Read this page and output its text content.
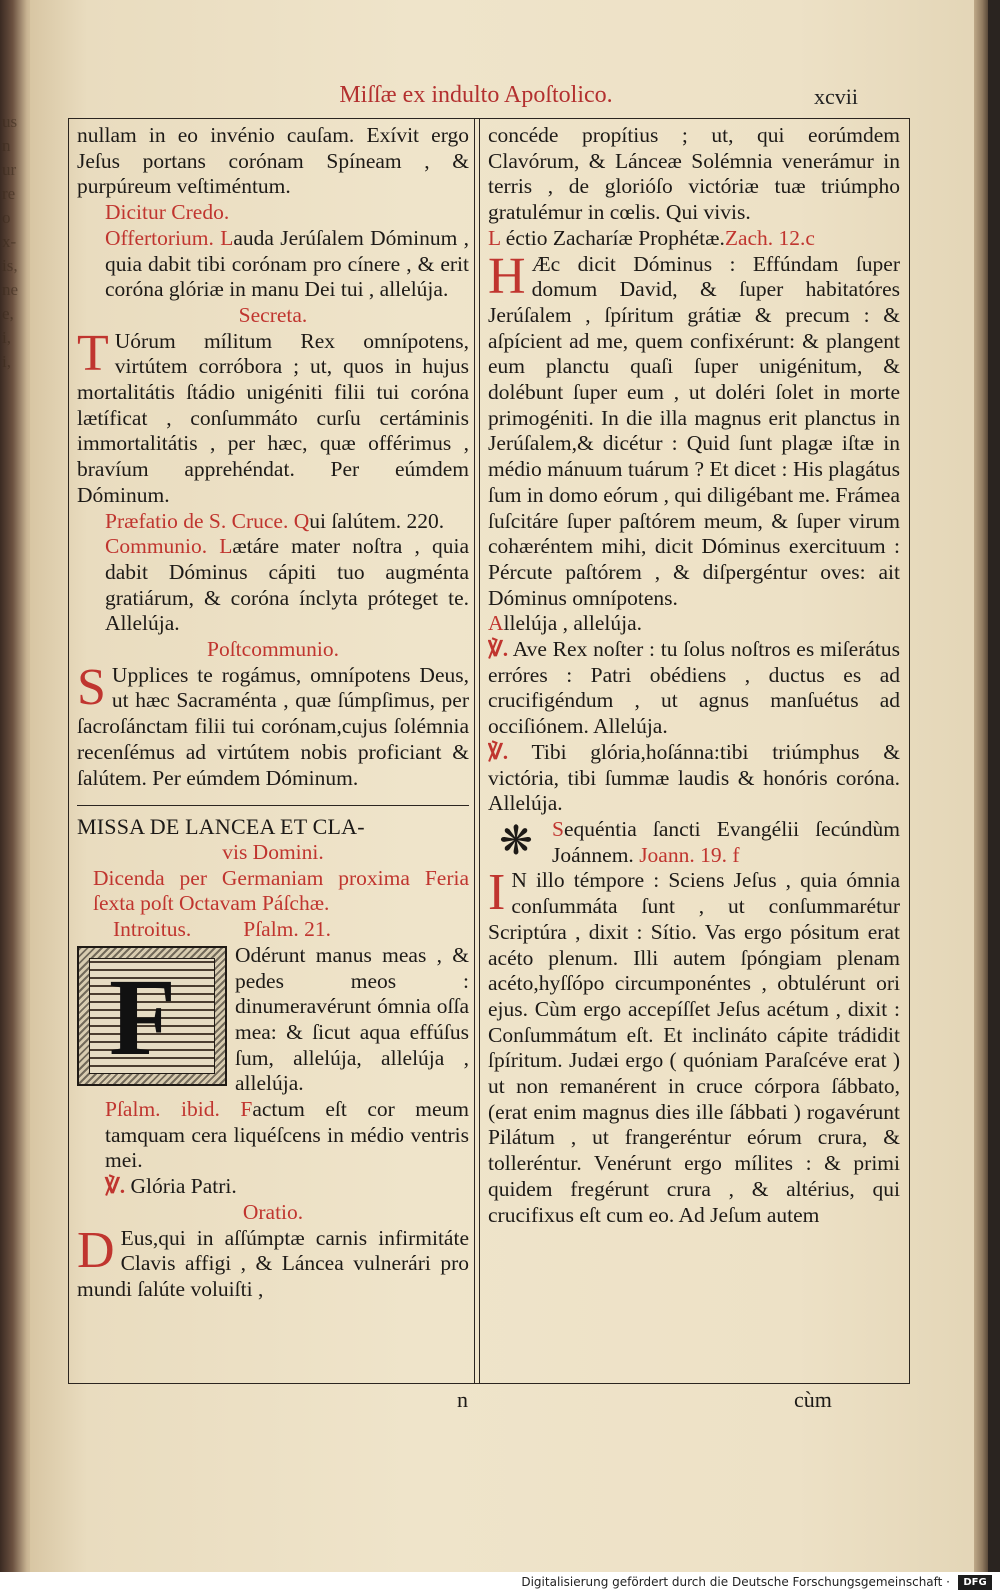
us
n
ur
re
o
x-
is,
ne
e,
i,
i,
Miſſæ ex indulto Apoſtolico.	xcvii

nullam in eo invénio cauſam. Exívit ergo Jeſus portans corónam Spíneam , & purpúreum veſtiméntum.

Dicitur Credo.

Offertorium. Lauda Jerúſalem Dóminum , quia dabit tibi corónam pro cínere , & erit coróna glóriæ in manu Dei tui , allelúja.

Secreta.

T Uórum mílitum Rex omnípotens, virtútem corróbora ; ut, quos in hujus mortalitátis ſtádio unigéniti filii tui coróna lætíficat , conſummáto curſu certáminis immortalitátis , per hæc, quæ offérimus , bravíum apprehéndat. Per eúmdem Dóminum.

Præfatio de S. Cruce. Qui ſalútem. 220.

Communio. Lætáre mater noſtra , quia dabit Dóminus cápiti tuo augménta gratiárum, & coróna ínclyta próteget te. Allelúja.

Poſtcommunio.

S Upplices te rogámus, omnípotens Deus, ut hæc Sacraménta , quæ ſúmpſimus, per ſacroſánctam filii tui corónam,cujus ſolémnia recenſémus ad virtútem nobis proficiant & ſalútem. Per eúmdem Dóminum.

MISSA DE LANCEA ET CLA-

vis Domini.

Dicenda per Germaniam proxima Feria ſexta poſt Octavam Páſchæ.

Introitus. Pſalm. 21.

F
Odérunt manus meas , & pedes meos : dinumeravérunt ómnia oſſa mea: & ſicut aqua effúſus ſum, allelúja, allelúja , allelúja.

Pſalm. ibid. Factum eſt cor meum tamquam cera liquéſcens in médio ventris mei.

℣. Glória Patri.

Oratio.

D Eus,qui in aſſúmptæ carnis infirmitáte Clavis affigi , & Láncea vulnerári pro mundi ſalúte voluiſti ,

concéde propítius ; ut, qui eorúmdem Clavórum, & Lánceæ Solémnia venerámur in terris , de glorióſo victóriæ tuæ triúmpho gratulémur in cœlis. Qui vivis.

L éctio Zacharíæ Prophétæ.Zach. 12.c

H Æc dicit Dóminus : Effúndam ſuper domum David, & ſuper habitatóres Jerúſalem , ſpíritum grátiæ & precum : & aſpícient ad me, quem confixérunt: & plangent eum planctu quaſi ſuper unigénitum, & dolébunt ſuper eum , ut doléri ſolet in morte primogéniti. In die illa magnus erit planctus in Jerúſalem,& dicétur : Quid ſunt plagæ iſtæ in médio mánuum tuárum ? Et dicet : His plagátus ſum in domo eórum , qui diligébant me. Frámea ſuſcitáre ſuper paſtórem meum, & ſuper virum cohæréntem mihi, dicit Dóminus exercituum : Pércute paſtórem , & diſpergéntur oves: ait Dóminus omnípotens.

Allelúja , allelúja.

℣. Ave Rex noſter : tu ſolus noſtros es miſerátus erróres : Patri obédiens , ductus es ad crucifigéndum , ut agnus manſuétus ad occiſiónem. Allelúja.

℣. Tibi glória,hoſánna:tibi triúmphus & victória, tibi ſummæ laudis & honóris coróna. Allelúja.

❋ Sequéntia ſancti Evangélii ſecúndùm Joánnem. Joann. 19. f

I N illo témpore : Sciens Jeſus , quia ómnia conſummáta ſunt , ut conſummarétur Scriptúra , dixit : Sítio. Vas ergo pósitum erat acéto plenum. Illi autem ſpóngiam plenam acéto,hyſſópo circumponéntes , obtulérunt ori ejus. Cùm ergo accepíſſet Jeſus acétum , dixit : Conſummátum eſt. Et inclináto cápite trádidit ſpíritum. Judæi ergo ( quóniam Paraſcéve erat ) ut non remanérent in cruce córpora ſábbato,(erat enim magnus dies ille ſábbati ) rogavérunt Pilátum , ut frangeréntur eórum crura, & tolleréntur. Venérunt ergo mílites : & primi quidem fregérunt crura , & altérius, qui crucifixus eſt cum eo. Ad Jeſum autem

n	cùm
Digitalisierung gefördert durch die Deutsche Forschungsgemeinschaft ·	DFG
